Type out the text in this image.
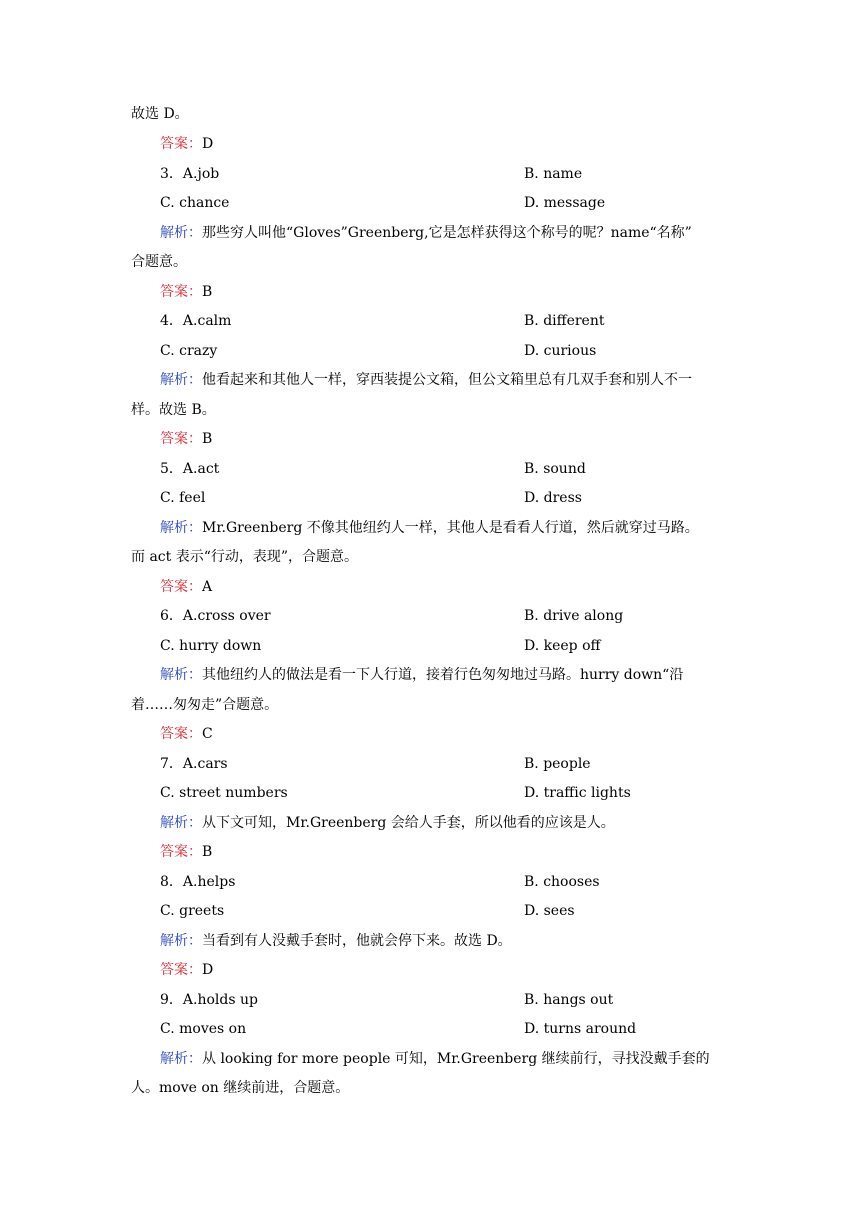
故选 D。
答案：D
3．A.job	B. name
C. chance	D. message
解析：那些穷人叫他“Gloves”Greenberg,它是怎样获得这个称号的呢？name“名称”
合题意。
答案：B
4．A.calm	B. different
C. crazy	D. curious
解析：他看起来和其他人一样，穿西装提公文箱，但公文箱里总有几双手套和别人不一
样。故选 B。
答案：B
5．A.act	B. sound
C. feel	D. dress
解析：Mr.Greenberg 不像其他纽约人一样，其他人是看看人行道，然后就穿过马路。
而 act 表示“行动，表现”，合题意。
答案：A
6．A.cross over	B. drive along
C. hurry down	D. keep off
解析：其他纽约人的做法是看一下人行道，接着行色匆匆地过马路。hurry down“沿
着……匆匆走”合题意。
答案：C
7．A.cars	B. people
C. street numbers	D. traffic lights
解析：从下文可知，Mr.Greenberg 会给人手套，所以他看的应该是人。
答案：B
8．A.helps	B. chooses
C. greets	D. sees
解析：当看到有人没戴手套时，他就会停下来。故选 D。
答案：D
9．A.holds up	B. hangs out
C. moves on	D. turns around
解析：从 looking for more people 可知，Mr.Greenberg 继续前行，寻找没戴手套的
人。move on 继续前进，合题意。
